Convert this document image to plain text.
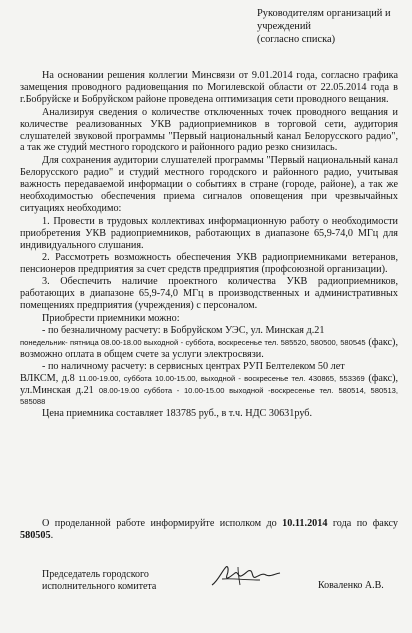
Руководителям организаций и
учреждений
(согласно списка)

На основании решения коллегии Минсвязи от 9.01.2014 года, согласно графика замещения проводного радиовещания по Могилевской области от 22.05.2014 года в г.Бобруйске и Бобруйском районе проведена оптимизация сети проводного вещания.

Анализируя сведения о количестве отключенных точек проводного вещания и количестве реализованных УКВ радиоприемников в торговой сети, аудитория слушателей звуковой программы "Первый национальный канал Белорусского радио", а так же студий местного городского и районного радио резко снизилась.

Для сохранения аудитории слушателей программы "Первый национальный канал Белорусского радио" и студий местного городского и районного радио, учитывая важность передаваемой информации о событиях в стране (городе, районе), а так же необходимостью обеспечения приема сигналов оповещения при чрезвычайных ситуациях необходимо:

1. Провести в трудовых коллективах информационную работу о необходимости приобретения УКВ радиоприемников, работающих в диапазоне 65,9-74,0 МГц для индивидуального слушания.

2. Рассмотреть возможность обеспечения УКВ радиоприемниками ветеранов, пенсионеров предприятия за счет средств предприятия (профсоюзной организации).

3. Обеспечить наличие проектного количества УКВ радиоприемников, работающих в диапазоне 65,9-74,0 МГц в производственных и административных помещениях предприятия (учреждения) с персоналом.

Приобрести приемники можно:

- по безналичному расчету: в Бобруйском УЭС, ул. Минская д.21

понедельник- пятница 08.00-18.00 выходной - суббота, воскресенье тел. 585520, 580500, 580545 (факс), возможно оплата в общем счете за услуги электросвязи.

- по наличному расчету: в сервисных центрах РУП Белтелеком 50 лет

ВЛКСМ, д.8 11.00-19.00, суббота 10.00-15.00, выходной - воскресенье тел. 430865, 553369 (факс), ул.Минская д.21 08.00-19.00 суббота - 10.00-15.00 выходной -воскресенье тел. 580514, 580513, 585088

Цена приемника составляет 183785 руб., в т.ч. НДС 30631руб.

О проделанной работе информируйте исполком до 10.11.2014 года по факсу 580505.

Председатель городского
исполнительного комитета	Коваленко А.В.
